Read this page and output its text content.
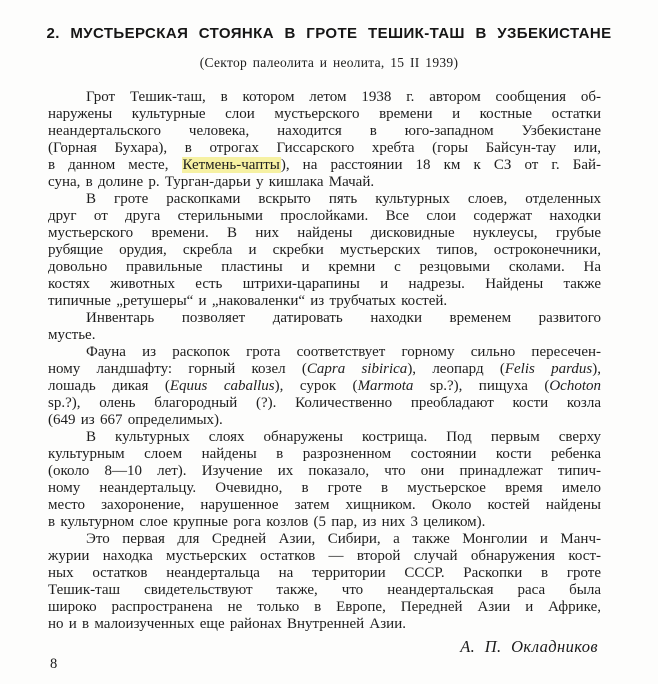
2. МУСТЬЕРСКАЯ СТОЯНКА В ГРОТЕ ТЕШИК-ТАШ В УЗБЕКИСТАНЕ
(Сектор палеолита и неолита, 15 II 1939)
Грот Тешик-таш, в котором летом 1938 г. автором сообщения об-
наружены культурные слои мустьерского времени и костные остатки
неандертальского человека, находится в юго-западном Узбекистане
(Горная Бухара), в отрогах Гиссарского хребта (горы Байсун-тау или,
в данном месте, Кетмень-чапты), на расстоянии 18 км к СЗ от г. Бай-
суна, в долине р. Турган-дарьи у кишлака Мачай.
В гроте раскопками вскрыто пять культурных слоев, отделенных
друг от друга стерильными прослойками. Все слои содержат находки
мустьерского времени. В них найдены дисковидные нуклеусы, грубые
рубящие орудия, скребла и скребки мустьерских типов, остроконечники,
довольно правильные пластины и кремни с резцовыми сколами. На
костях животных есть штрихи-царапины и надрезы. Найдены также
типичные „ретушеры“ и „наковаленки“ из трубчатых костей.
Инвентарь позволяет датировать находки временем развитого
мустье.
Фауна из раскопок грота соответствует горному сильно пересечен-
ному ландшафту: горный козел (Capra sibirica), леопард (Felis pardus),
лошадь дикая (Equus caballus), сурок (Marmota sp.?), пищуха (Ochoton
sp.?), олень благородный (?). Количественно преобладают кости козла
(649 из 667 определимых).
В культурных слоях обнаружены кострища. Под первым сверху
культурным слоем найдены в разрозненном состоянии кости ребенка
(около 8—10 лет). Изучение их показало, что они принадлежат типич-
ному неандертальцу. Очевидно, в гроте в мустьерское время имело
место захоронение, нарушенное затем хищником. Около костей найдены
в культурном слое крупные рога козлов (5 пар, из них 3 целиком).
Это первая для Средней Азии, Сибири, а также Монголии и Манч-
журии находка мустьерских остатков — второй случай обнаружения кост-
ных остатков неандертальца на территории СССР. Раскопки в гроте
Тешик-таш свидетельствуют также, что неандертальская раса была
широко распространена не только в Европе, Передней Азии и Африке,
но и в малоизученных еще районах Внутренней Азии.
А. П. Окладников
8
